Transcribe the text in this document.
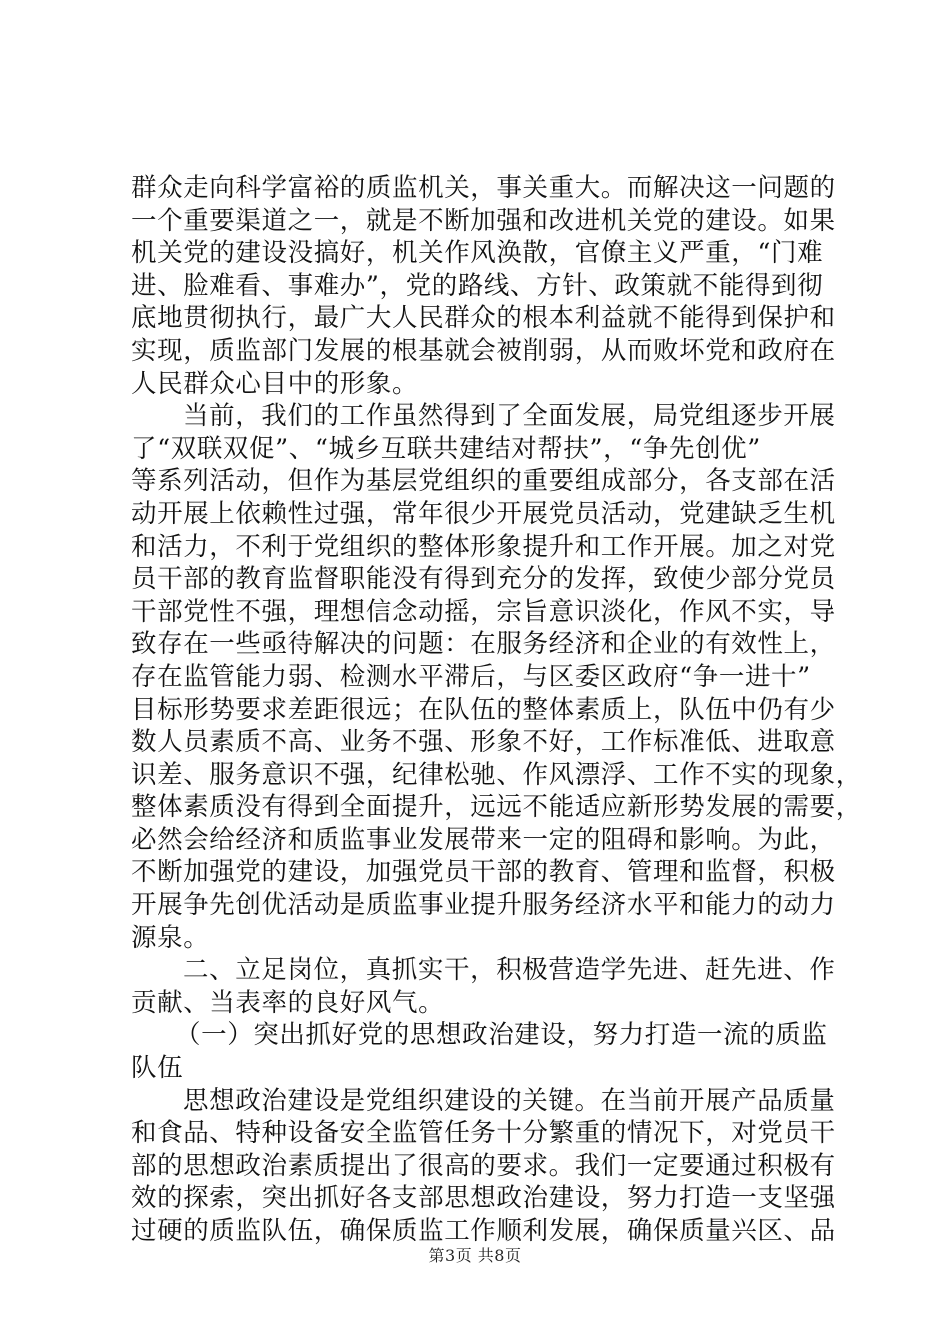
群众走向科学富裕的质监机关，事关重大。而解决这一问题的
一个重要渠道之一，就是不断加强和改进机关党的建设。如果
机关党的建设没搞好，机关作风涣散，官僚主义严重，“门难
进、脸难看、事难办”，党的路线、方针、政策就不能得到彻
底地贯彻执行，最广大人民群众的根本利益就不能得到保护和
实现，质监部门发展的根基就会被削弱，从而败坏党和政府在
人民群众心目中的形象。
当前，我们的工作虽然得到了全面发展，局党组逐步开展
了“双联双促”、“城乡互联共建结对帮扶”，“争先创优”
等系列活动，但作为基层党组织的重要组成部分，各支部在活
动开展上依赖性过强，常年很少开展党员活动，党建缺乏生机
和活力，不利于党组织的整体形象提升和工作开展。加之对党
员干部的教育监督职能没有得到充分的发挥，致使少部分党员
干部党性不强，理想信念动摇，宗旨意识淡化，作风不实，导
致存在一些亟待解决的问题：在服务经济和企业的有效性上，
存在监管能力弱、检测水平滞后，与区委区政府“争一进十”
目标形势要求差距很远；在队伍的整体素质上，队伍中仍有少
数人员素质不高、业务不强、形象不好，工作标准低、进取意
识差、服务意识不强，纪律松驰、作风漂浮、工作不实的现象，
整体素质没有得到全面提升，远远不能适应新形势发展的需要，
必然会给经济和质监事业发展带来一定的阻碍和影响。为此，
不断加强党的建设，加强党员干部的教育、管理和监督，积极
开展争先创优活动是质监事业提升服务经济水平和能力的动力
源泉。
二、立足岗位，真抓实干，积极营造学先进、赶先进、作
贡献、当表率的良好风气。
（一）突出抓好党的思想政治建设，努力打造一流的质监
队伍
思想政治建设是党组织建设的关键。在当前开展产品质量
和食品、特种设备安全监管任务十分繁重的情况下，对党员干
部的思想政治素质提出了很高的要求。我们一定要通过积极有
效的探索，突出抓好各支部思想政治建设，努力打造一支坚强
过硬的质监队伍，确保质监工作顺利发展，确保质量兴区、品
第3页 共8页
